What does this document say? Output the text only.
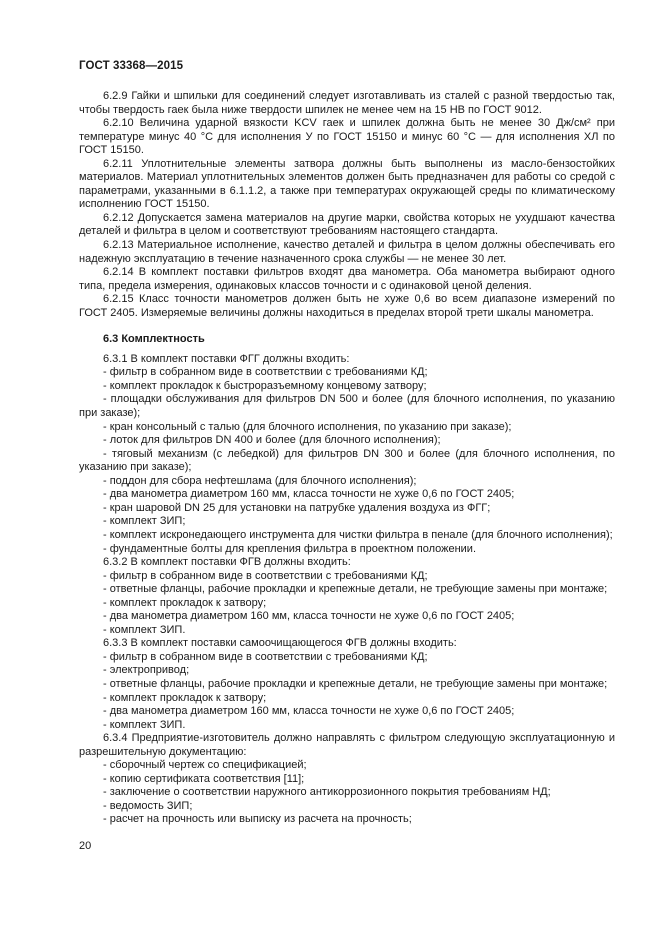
ГОСТ 33368—2015

6.2.9 Гайки и шпильки для соединений следует изготавливать из сталей с разной твердостью так, чтобы твердость гаек была ниже твердости шпилек не менее чем на 15 НВ по ГОСТ 9012.

6.2.10 Величина ударной вязкости KCV гаек и шпилек должна быть не менее 30 Дж/см² при температуре минус 40 °С для исполнения У по ГОСТ 15150 и минус 60 °С — для исполнения ХЛ по ГОСТ 15150.

6.2.11 Уплотнительные элементы затвора должны быть выполнены из масло-бензостойких материалов. Материал уплотнительных элементов должен быть предназначен для работы со средой с параметрами, указанными в 6.1.1.2, а также при температурах окружающей среды по климатическому исполнению ГОСТ 15150.

6.2.12 Допускается замена материалов на другие марки, свойства которых не ухудшают качества деталей и фильтра в целом и соответствуют требованиям настоящего стандарта.

6.2.13 Материальное исполнение, качество деталей и фильтра в целом должны обеспечивать его надежную эксплуатацию в течение назначенного срока службы — не менее 30 лет.

6.2.14 В комплект поставки фильтров входят два манометра. Оба манометра выбирают одного типа, предела измерения, одинаковых классов точности и с одинаковой ценой деления.

6.2.15 Класс точности манометров должен быть не хуже 0,6 во всем диапазоне измерений по ГОСТ 2405. Измеряемые величины должны находиться в пределах второй трети шкалы манометра.

6.3 Комплектность

6.3.1 В комплект поставки ФГГ должны входить:

- фильтр в собранном виде в соответствии с требованиями КД;

- комплект прокладок к быстроразъемному концевому затвору;

- площадки обслуживания для фильтров DN 500 и более (для блочного исполнения, по указанию при заказе);

- кран консольный с талью (для блочного исполнения, по указанию при заказе);

- лоток для фильтров DN 400 и более (для блочного исполнения);

- тяговый механизм (с лебедкой) для фильтров DN 300 и более (для блочного исполнения, по указанию при заказе);

- поддон для сбора нефтешлама (для блочного исполнения);

- два манометра диаметром 160 мм, класса точности не хуже 0,6 по ГОСТ 2405;

- кран шаровой DN 25 для установки на патрубке удаления воздуха из ФГГ;

- комплект ЗИП;

- комплект искронедающего инструмента для чистки фильтра в пенале (для блочного исполнения);

- фундаментные болты для крепления фильтра в проектном положении.

6.3.2 В комплект поставки ФГВ должны входить:

- фильтр в собранном виде в соответствии с требованиями КД;

- ответные фланцы, рабочие прокладки и крепежные детали, не требующие замены при монтаже;

- комплект прокладок к затвору;

- два манометра диаметром 160 мм, класса точности не хуже 0,6 по ГОСТ 2405;

- комплект ЗИП.

6.3.3 В комплект поставки самоочищающегося ФГВ должны входить:

- фильтр в собранном виде в соответствии с требованиями КД;

- электропривод;

- ответные фланцы, рабочие прокладки и крепежные детали, не требующие замены при монтаже;

- комплект прокладок к затвору;

- два манометра диаметром 160 мм, класса точности не хуже 0,6 по ГОСТ 2405;

- комплект ЗИП.

6.3.4 Предприятие-изготовитель должно направлять с фильтром следующую эксплуатационную и разрешительную документацию:

- сборочный чертеж со спецификацией;

- копию сертификата соответствия [11];

- заключение о соответствии наружного антикоррозионного покрытия требованиям НД;

- ведомость ЗИП;

- расчет на прочность или выписку из расчета на прочность;

20
